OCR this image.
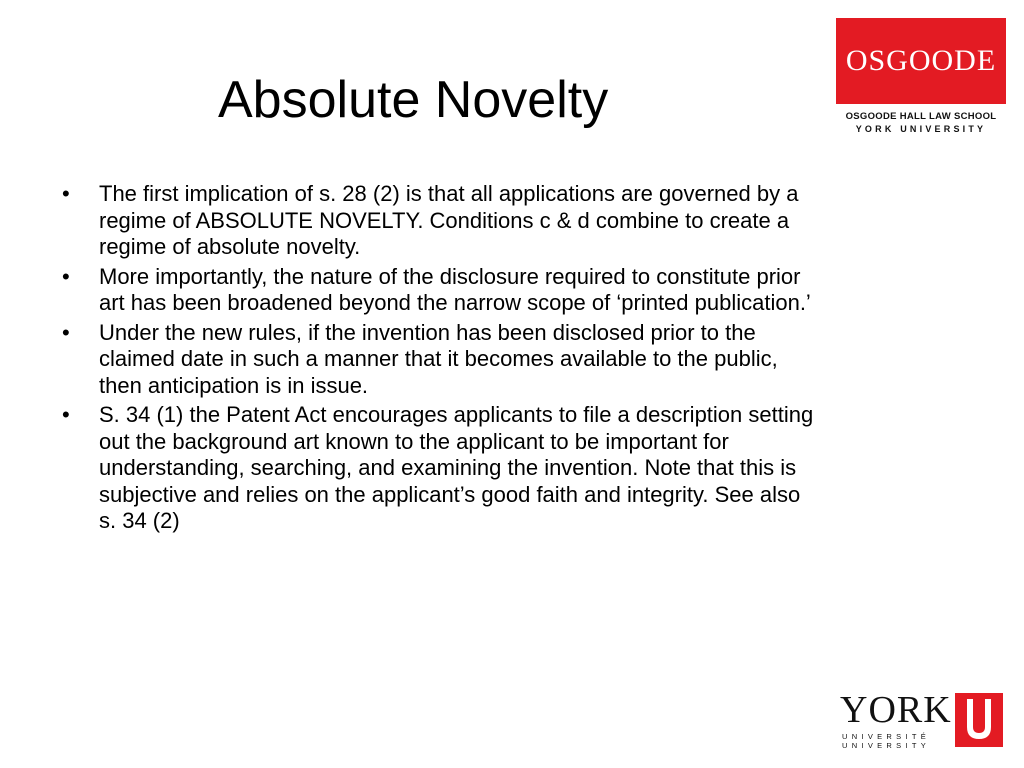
Absolute Novelty
OSGOODE
OSGOODE HALL LAW SCHOOL
YORK UNIVERSITY
•	The first implication of s. 28 (2) is that all applications are governed by a regime of ABSOLUTE NOVELTY. Conditions c & d combine to create a regime of absolute novelty.
•	More importantly, the nature of the disclosure required to constitute prior art has been broadened beyond the narrow scope of ‘printed publication.’
•	Under the new rules, if the invention has been disclosed prior to the claimed date in such a manner that it becomes available to the public, then anticipation is in issue.
•	S. 34 (1) the Patent Act encourages applicants to file a description setting out the background art known to the applicant to be important for understanding, searching, and examining the invention. Note that this is subjective and relies on the applicant’s good faith and integrity. See also s. 34 (2)
YORK
UNIVERSITÉ
UNIVERSITY
